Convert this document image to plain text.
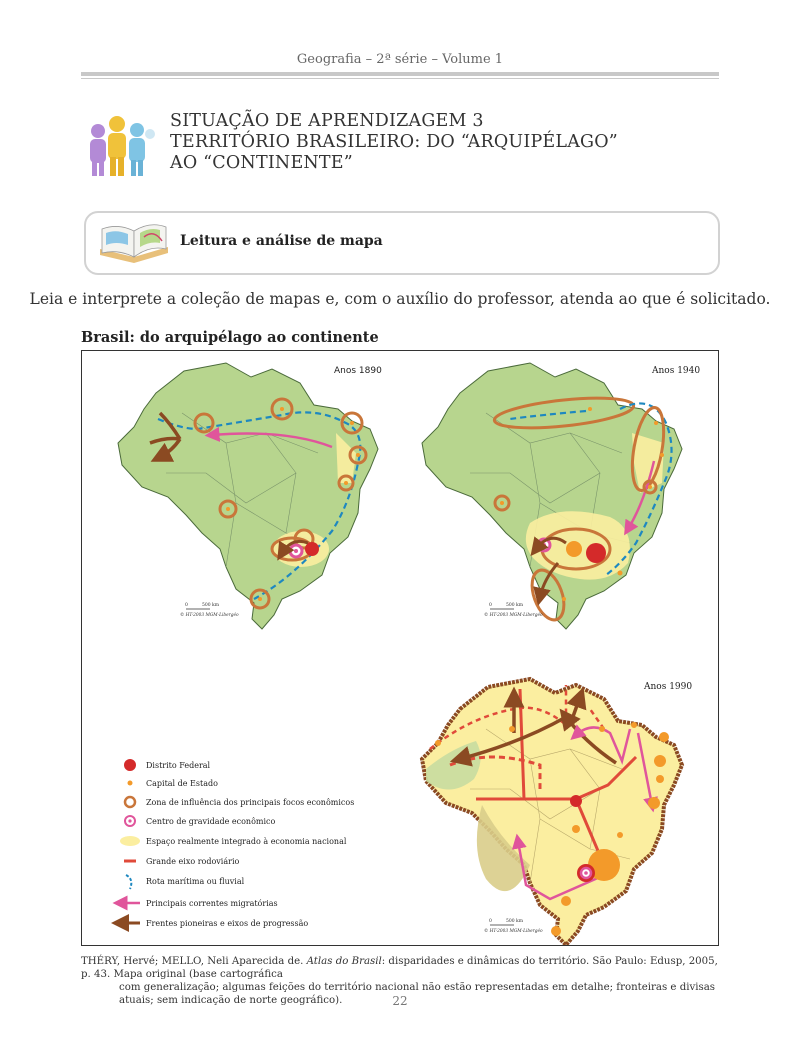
Geografia – 2ª série – Volume 1
SITUAÇÃO DE APRENDIZAGEM 3
TERRITÓRIO BRASILEIRO: DO “ARQUIPÉLAGO”
AO “CONTINENTE”
Leitura e análise de mapa
Leia e interprete a coleção de mapas e, com o auxílio do professor, atenda ao que é solicitado.
Brasil: do arquipélago ao continente
Anos 1890
0	500 km
© HT-2003 MGM-Libergéo
Anos 1940
0	500 km
© HT-2003 MGM-Libergéo
Anos 1990
0	500 km
© HT-2003 MGM-Libergéo
Distrito Federal
Capital de Estado
Zona de influência dos principais focos econômicos
Centro de gravidade econômico
Espaço realmente integrado à economia nacional
Grande eixo rodoviário
Rota marítima ou fluvial
Principais correntes migratórias
Frentes pioneiras e eixos de progressão
THÉRY, Hervé; MELLO, Neli Aparecida de. Atlas do Brasil: disparidades e dinâmicas do território. São Paulo: Edusp, 2005, p. 43. Mapa original (base cartográfica
com generalização; algumas feições do território nacional não estão representadas em detalhe; fronteiras e divisas atuais; sem indicação de norte geográfico).	22
